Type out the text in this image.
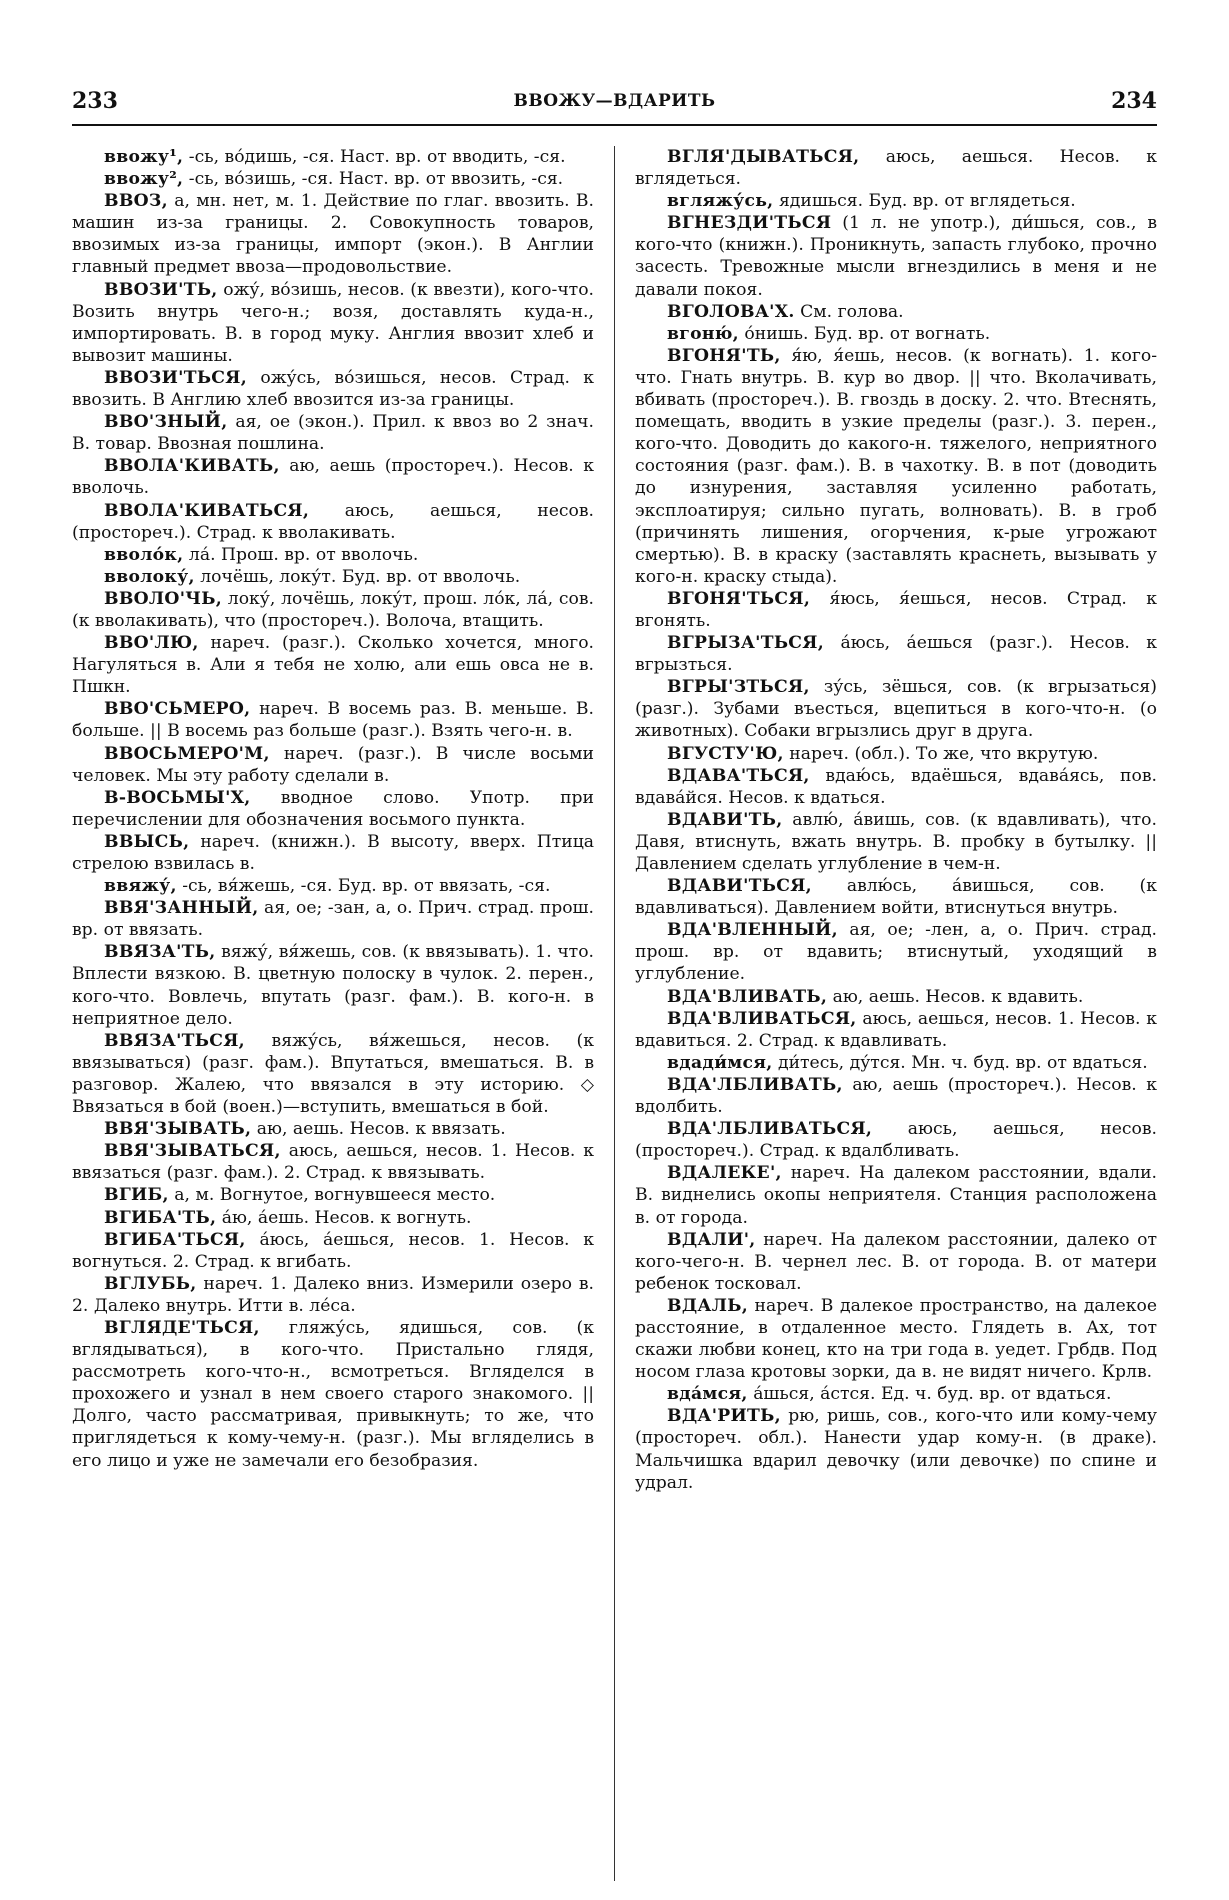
233	ВВОЖУ—ВДАРИТЬ	234

ввожу¹, -сь, во́дишь, -ся. Наст. вр. от вводить, -ся.

ввожу², -сь, во́зишь, -ся. Наст. вр. от ввозить, -ся.

ВВОЗ, а, мн. нет, м. 1. Действие по глаг. ввозить. В. машин из-за границы. 2. Совокупность товаров, ввозимых из-за границы, импорт (экон.). В Англии главный предмет ввоза—продовольствие.

ВВОЗИ'ТЬ, ожу́, во́зишь, несов. (к ввезти), кого-что. Возить внутрь чего-н.; возя, доставлять куда-н., импортировать. В. в город муку. Англия ввозит хлеб и вывозит машины.

ВВОЗИ'ТЬСЯ, ожу́сь, во́зишься, несов. Страд. к ввозить. В Англию хлеб ввозится из-за границы.

ВВО'ЗНЫЙ, ая, ое (экон.). Прил. к ввоз во 2 знач. В. товар. Ввозная пошлина.

ВВОЛА'КИВАТЬ, аю, аешь (простореч.). Несов. к вволочь.

ВВОЛА'КИВАТЬСЯ, аюсь, аешься, несов. (простореч.). Страд. к вволакивать.

вволо́к, ла́. Прош. вр. от вволочь.

вволоку́, лочёшь, локу́т. Буд. вр. от вволочь.

ВВОЛО'ЧЬ, локу́, лочёшь, локу́т, прош. ло́к, ла́, сов. (к вволакивать), что (простореч.). Волоча, втащить.

ВВО'ЛЮ, нареч. (разг.). Сколько хочется, много. Нагуляться в. Али я тебя не холю, али ешь овса не в. Пшкн.

ВВО'СЬМЕРО, нареч. В восемь раз. В. меньше. В. больше. || В восемь раз больше (разг.). Взять чего-н. в.

ВВОСЬМЕРО'М, нареч. (разг.). В числе восьми человек. Мы эту работу сделали в.

В-ВОСЬМЫ'Х, вводное слово. Употр. при перечислении для обозначения восьмого пункта.

ВВЫСЬ, нареч. (книжн.). В высоту, вверх. Птица стрелою взвилась в.

ввяжу́, -сь, вя́жешь, -ся. Буд. вр. от ввязать, -ся.

ВВЯ'ЗАННЫЙ, ая, ое; -зан, а, о. Прич. страд. прош. вр. от ввязать.

ВВЯЗА'ТЬ, вяжу́, вя́жешь, сов. (к ввязывать). 1. что. Вплести вязкою. В. цветную полоску в чулок. 2. перен., кого-что. Вовлечь, впутать (разг. фам.). В. кого-н. в неприятное дело.

ВВЯЗА'ТЬСЯ, вяжу́сь, вя́жешься, несов. (к ввязываться) (разг. фам.). Впутаться, вмешаться. В. в разговор. Жалею, что ввязался в эту историю. ◇ Ввязаться в бой (воен.)—вступить, вмешаться в бой.

ВВЯ'ЗЫВАТЬ, аю, аешь. Несов. к ввязать.

ВВЯ'ЗЫВАТЬСЯ, аюсь, аешься, несов. 1. Несов. к ввязаться (разг. фам.). 2. Страд. к ввязывать.

ВГИБ, а, м. Вогнутое, вогнувшееся место.

ВГИБА'ТЬ, а́ю, а́ешь. Несов. к вогнуть.

ВГИБА'ТЬСЯ, а́юсь, а́ешься, несов. 1. Несов. к вогнуться. 2. Страд. к вгибать.

ВГЛУБЬ, нареч. 1. Далеко вниз. Измерили озеро в. 2. Далеко внутрь. Итти в. ле́са.

ВГЛЯДЕ'ТЬСЯ, гляжу́сь, ядишься, сов. (к вглядываться), в кого-что. Пристально глядя, рассмотреть кого-что-н., всмотреться. Вгляделся в прохожего и узнал в нем своего старого знакомого. || Долго, часто рассматривая, привыкнуть; то же, что приглядеться к кому-чему-н. (разг.). Мы вгляделись в его лицо и уже не замечали его безобразия.

ВГЛЯ'ДЫВАТЬСЯ, аюсь, аешься. Несов. к вглядеться.

вгляжу́сь, ядишься. Буд. вр. от вглядеться.

ВГНЕЗДИ'ТЬСЯ (1 л. не употр.), ди́шься, сов., в кого-что (книжн.). Проникнуть, запасть глубоко, прочно засесть. Тревожные мысли вгнездились в меня и не давали покоя.

ВГОЛОВА'Х. См. голова.

вгоню́, о́нишь. Буд. вр. от вогнать.

ВГОНЯ'ТЬ, я́ю, я́ешь, несов. (к вогнать). 1. кого-что. Гнать внутрь. В. кур во двор. || что. Вколачивать, вбивать (простореч.). В. гвоздь в доску. 2. что. Втеснять, помещать, вводить в узкие пределы (разг.). 3. перен., кого-что. Доводить до какого-н. тяжелого, неприятного состояния (разг. фам.). В. в чахотку. В. в пот (доводить до изнурения, заставляя усиленно работать, эксплоатируя; сильно пугать, волновать). В. в гроб (причинять лишения, огорчения, к-рые угрожают смертью). В. в краску (заставлять краснеть, вызывать у кого-н. краску стыда).

ВГОНЯ'ТЬСЯ, я́юсь, я́ешься, несов. Страд. к вгонять.

ВГРЫЗА'ТЬСЯ, а́юсь, а́ешься (разг.). Несов. к вгрызться.

ВГРЫ'ЗТЬСЯ, зу́сь, зёшься, сов. (к вгрызаться) (разг.). Зубами въесться, вцепиться в кого-что-н. (о животных). Собаки вгрызлись друг в друга.

ВГУСТУ'Ю, нареч. (обл.). То же, что вкрутую.

ВДАВА'ТЬСЯ, вдаю́сь, вдаёшься, вдава́ясь, пов. вдава́йся. Несов. к вдаться.

ВДАВИ'ТЬ, авлю́, а́вишь, сов. (к вдавливать), что. Давя, втиснуть, вжать внутрь. В. пробку в бутылку. || Давлением сделать углубление в чем-н.

ВДАВИ'ТЬСЯ, авлю́сь, а́вишься, сов. (к вдавливаться). Давлением войти, втиснуться внутрь.

ВДА'ВЛЕННЫЙ, ая, ое; -лен, а, о. Прич. страд. прош. вр. от вдавить; втиснутый, уходящий в углубление.

ВДА'ВЛИВАТЬ, аю, аешь. Несов. к вдавить.

ВДА'ВЛИВАТЬСЯ, аюсь, аешься, несов. 1. Несов. к вдавиться. 2. Страд. к вдавливать.

вдади́мся, ди́тесь, ду́тся. Мн. ч. буд. вр. от вдаться.

ВДА'ЛБЛИВАТЬ, аю, аешь (простореч.). Несов. к вдолбить.

ВДА'ЛБЛИВАТЬСЯ, аюсь, аешься, несов. (простореч.). Страд. к вдалбливать.

ВДАЛЕКЕ', нареч. На далеком расстоянии, вдали. В. виднелись окопы неприятеля. Станция расположена в. от города.

ВДАЛИ', нареч. На далеком расстоянии, далеко от кого-чего-н. В. чернел лес. В. от города. В. от матери ребенок тосковал.

ВДАЛЬ, нареч. В далекое пространство, на далекое расстояние, в отдаленное место. Глядеть в. Ах, тот скажи любви конец, кто на три года в. уедет. Грбдв. Под носом глаза кротовы зорки, да в. не видят ничего. Крлв.

вда́мся, а́шься, а́стся. Ед. ч. буд. вр. от вдаться.

ВДА'РИТЬ, рю, ришь, сов., кого-что или кому-чему (простореч. обл.). Нанести удар кому-н. (в драке). Мальчишка вдарил девочку (или девочке) по спине и удрал.
